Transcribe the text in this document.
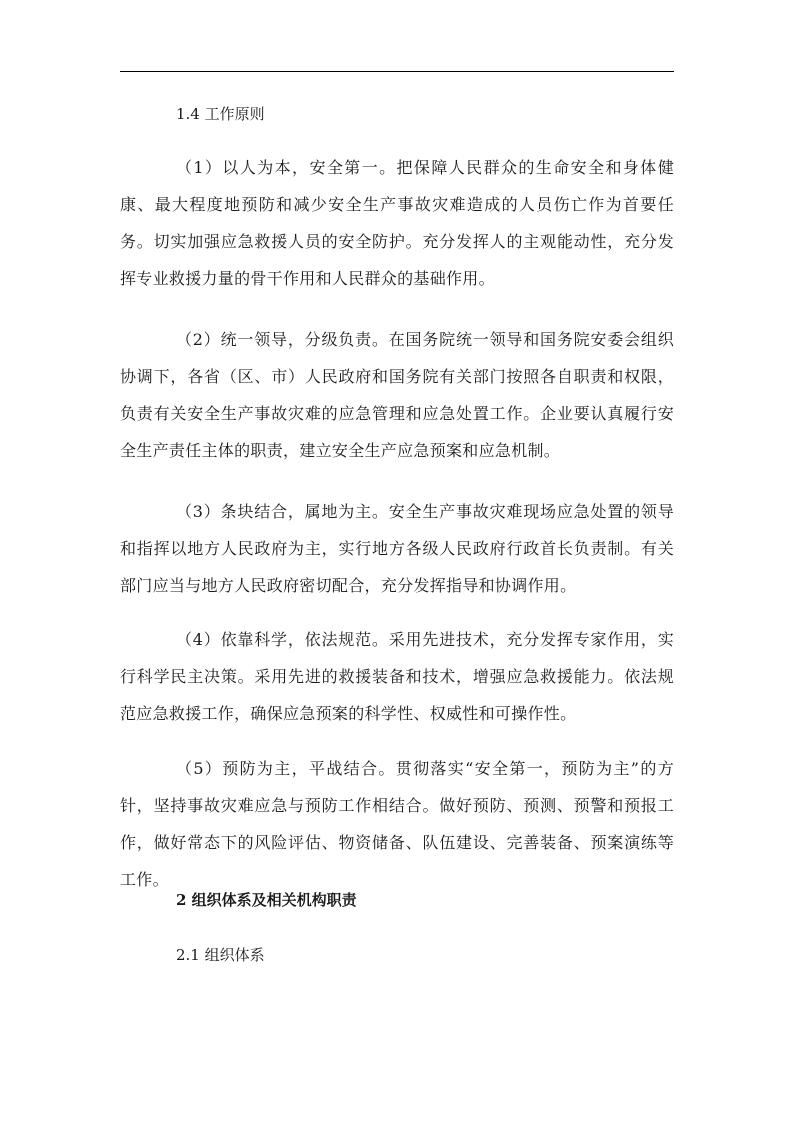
1.4 工作原则
（1）以人为本，安全第一。把保障人民群众的生命安全和身体健康、最大程度地预防和减少安全生产事故灾难造成的人员伤亡作为首要任务。切实加强应急救援人员的安全防护。充分发挥人的主观能动性，充分发挥专业救援力量的骨干作用和人民群众的基础作用。
（2）统一领导，分级负责。在国务院统一领导和国务院安委会组织协调下，各省（区、市）人民政府和国务院有关部门按照各自职责和权限，负责有关安全生产事故灾难的应急管理和应急处置工作。企业要认真履行安全生产责任主体的职责，建立安全生产应急预案和应急机制。
（3）条块结合，属地为主。安全生产事故灾难现场应急处置的领导和指挥以地方人民政府为主，实行地方各级人民政府行政首长负责制。有关部门应当与地方人民政府密切配合，充分发挥指导和协调作用。
（4）依靠科学，依法规范。采用先进技术，充分发挥专家作用，实行科学民主决策。采用先进的救援装备和技术，增强应急救援能力。依法规范应急救援工作，确保应急预案的科学性、权威性和可操作性。
（5）预防为主，平战结合。贯彻落实“安全第一，预防为主”的方针，坚持事故灾难应急与预防工作相结合。做好预防、预测、预警和预报工作，做好常态下的风险评估、物资储备、队伍建设、完善装备、预案演练等工作。
2 组织体系及相关机构职责
2.1 组织体系
